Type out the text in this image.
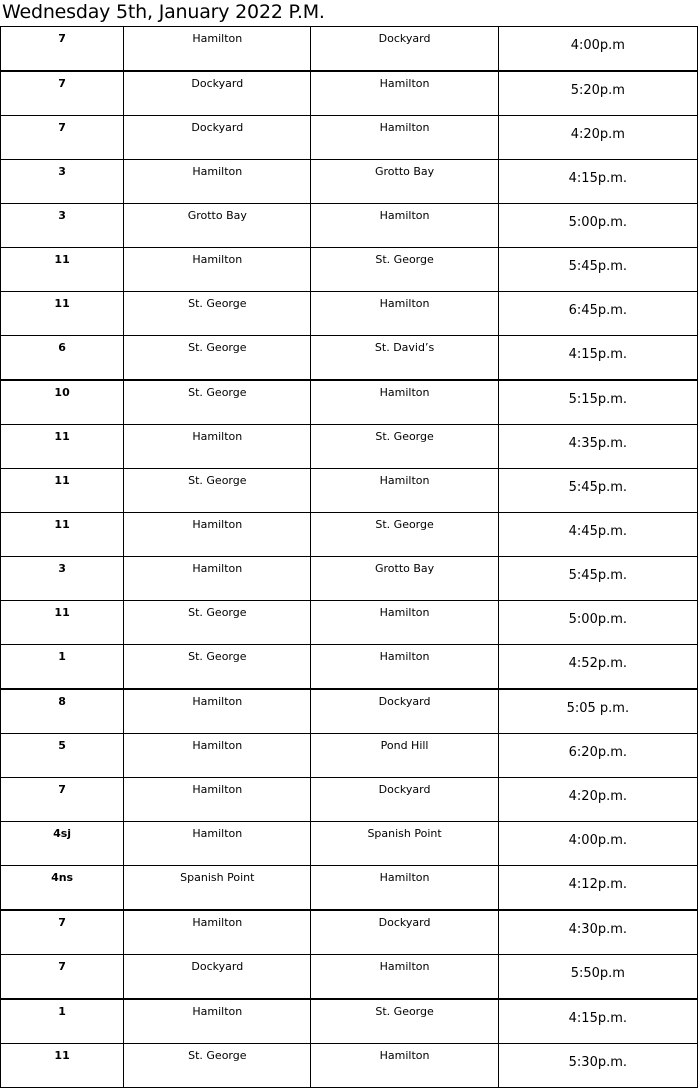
Wednesday 5th, January 2022 P.M.
7	Hamilton	Dockyard	4:00p.m
7	Dockyard	Hamilton	5:20p.m
7	Dockyard	Hamilton	4:20p.m
3	Hamilton	Grotto Bay	4:15p.m.
3	Grotto Bay	Hamilton	5:00p.m.
11	Hamilton	St. George	5:45p.m.
11	St. George	Hamilton	6:45p.m.
6	St. George	St. David’s	4:15p.m.
10	St. George	Hamilton	5:15p.m.
11	Hamilton	St. George	4:35p.m.
11	St. George	Hamilton	5:45p.m.
11	Hamilton	St. George	4:45p.m.
3	Hamilton	Grotto Bay	5:45p.m.
11	St. George	Hamilton	5:00p.m.
1	St. George	Hamilton	4:52p.m.
8	Hamilton	Dockyard	5:05 p.m.
5	Hamilton	Pond Hill	6:20p.m.
7	Hamilton	Dockyard	4:20p.m.
4sj	Hamilton	Spanish Point	4:00p.m.
4ns	Spanish Point	Hamilton	4:12p.m.
7	Hamilton	Dockyard	4:30p.m.
7	Dockyard	Hamilton	5:50p.m
1	Hamilton	St. George	4:15p.m.
11	St. George	Hamilton	5:30p.m.
